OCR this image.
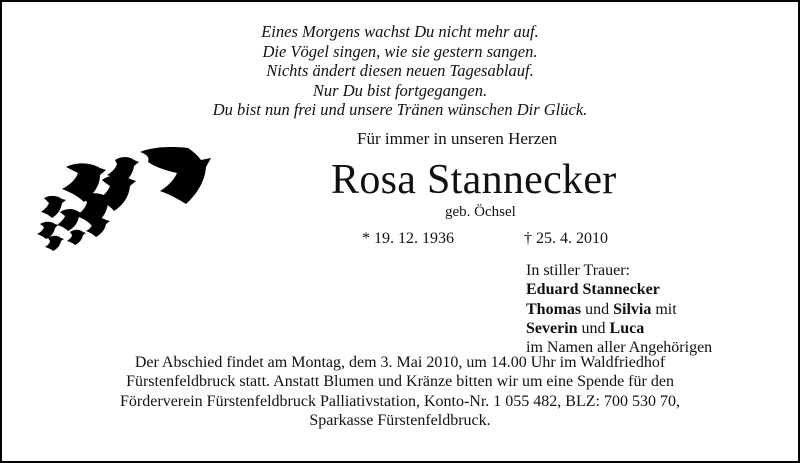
Eines Morgens wachst Du nicht mehr auf.
Die Vögel singen, wie sie gestern sangen.
Nichts ändert diesen neuen Tagesablauf.
Nur Du bist fortgegangen.
Du bist nun frei und unsere Tränen wünschen Dir Glück.
Für immer in unseren Herzen
Rosa Stannecker
geb. Öchsel
* 19. 12. 1936	† 25. 4. 2010
In stiller Trauer:
Eduard Stannecker
Thomas und Silvia mit
Severin und Luca
im Namen aller Angehörigen
Der Abschied findet am Montag, dem 3. Mai 2010, um 14.00 Uhr im Waldfriedhof
Fürstenfeldbruck statt. Anstatt Blumen und Kränze bitten wir um eine Spende für den
Förderverein Fürstenfeldbruck Palliativstation, Konto-Nr. 1 055 482, BLZ: 700 530 70,
Sparkasse Fürstenfeldbruck.
